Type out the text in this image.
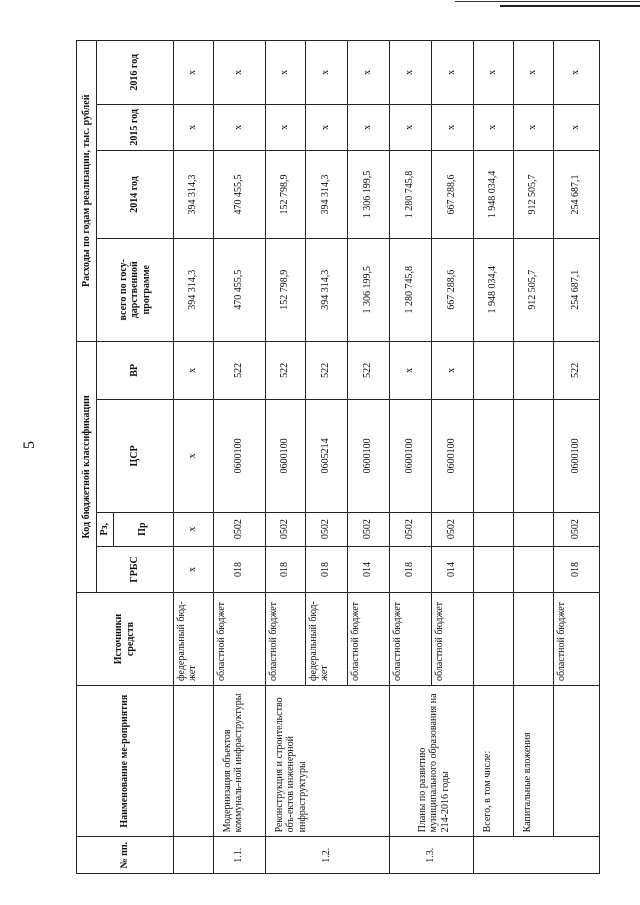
5
№ пп.	Наименование ме-роприятия	Источники средств	Код бюджетной классификации				Расходы по годам реализации, тыс. рублей			
			ГРБС	Рз,	ЦСР	ВР	всего по госу-дарственной программе	2014 год	2015 год	2016 год
				Пр						
		федеральный бюд-жет	x	x	x	x	394 314,3	394 314,3	x	x
1.1.	Модернизация объектов коммуналь-ной инфраструктуры	областной бюджет	018	0502	0600100	522	470 455,5	470 455,5	x	x
1.2.	Реконструкция и строительство объ-ектов инженерной инфраструктуры	областной бюджет	018	0502	0600100	522	152 798,9	152 798,9	x	x
		федеральный бюд-жет	018	0502	0605214	522	394 314,3	394 314,3	x	x
		областной бюджет	014	0502	0600100	522	1 306 199,5	1 306 199,5	x	x
1.3.	Планы по развитию муниципального образования на 214-2016 годы	областной бюджет	018	0502	0600100	x	1 280 745,8	1 280 745,8	x	x
		областной бюджет	014	0502	0600100	x	667 288,6	667 288,6	x	x
	Всего, в том числе:						1 948 034,4	1 948 034,4	x	x
	Капитальные вложения						912 505,7	912 505,7	x	x
		областной бюджет	018	0502	0600100	522	254 687,1	254 687,1	x	x
